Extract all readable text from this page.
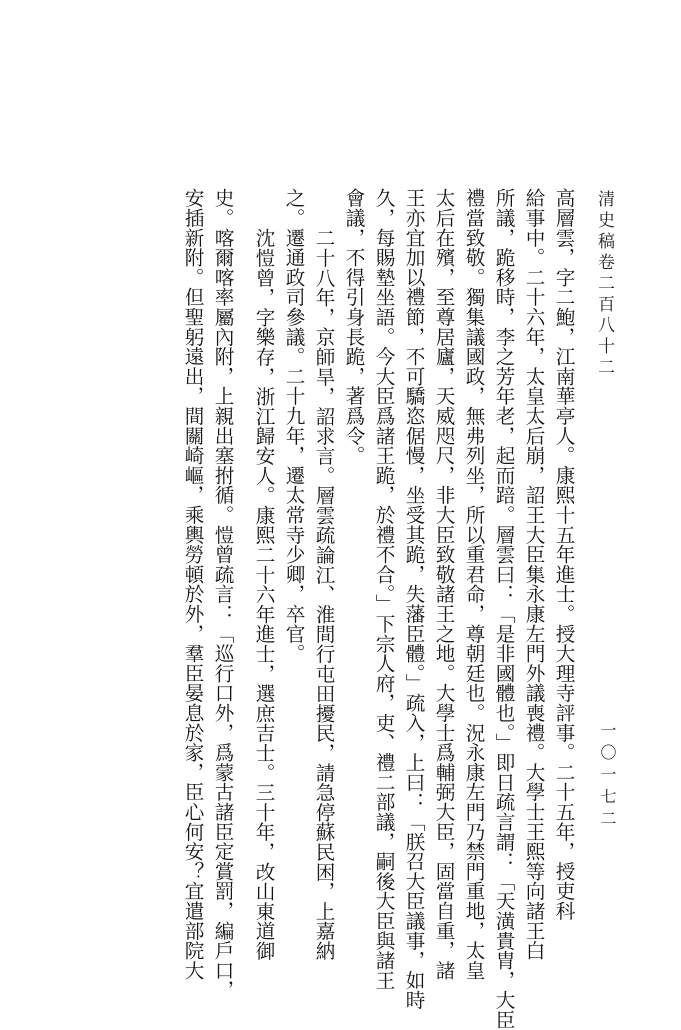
清史稿卷二百八十二
一〇一七二
高層雲，字二鮑，江南華亭人。康熙十五年進士。授大理寺評事。二十五年，授吏科
給事中。二十六年，太皇太后崩，詔王大臣集永康左門外議喪禮。大學士王熙等向諸王白
所議，跪移時，李之芳年老，起而踣。層雲曰：「是非國體也。」即日疏言謂：「天潢貴胄，大臣
禮當致敬。獨集議國政，無弗列坐，所以重君命，尊朝廷也。況永康左門乃禁門重地，太皇
太后在殯，至尊居廬，天威咫尺，非大臣致敬諸王之地。大學士爲輔弼大臣，固當自重，諸
王亦宜加以禮節，不可驕恣倨慢，坐受其跪，失藩臣體。」疏入，上曰：「朕召大臣議事，如時
久，每賜墊坐語。今大臣爲諸王跪，於禮不合。」下宗人府，吏、禮二部議，嗣後大臣與諸王
會議，不得引身長跪，著爲令。
二十八年，京師旱，詔求言。層雲疏論江、淮間行屯田擾民，請急停蘇民困，上嘉納
之。遷通政司參議。二十九年，遷太常寺少卿，卒官。
沈愷曾，字樂存，浙江歸安人。康熙二十六年進士，選庶吉士。三十年，改山東道御
史。喀爾喀率屬內附，上親出塞拊循。愷曾疏言：「巡行口外，爲蒙古諸臣定賞罰，編戶口，
安插新附。但聖躬遠出，間關崎嶇，乘輿勞頓於外，羣臣晏息於家，臣心何安？宜遣部院大
